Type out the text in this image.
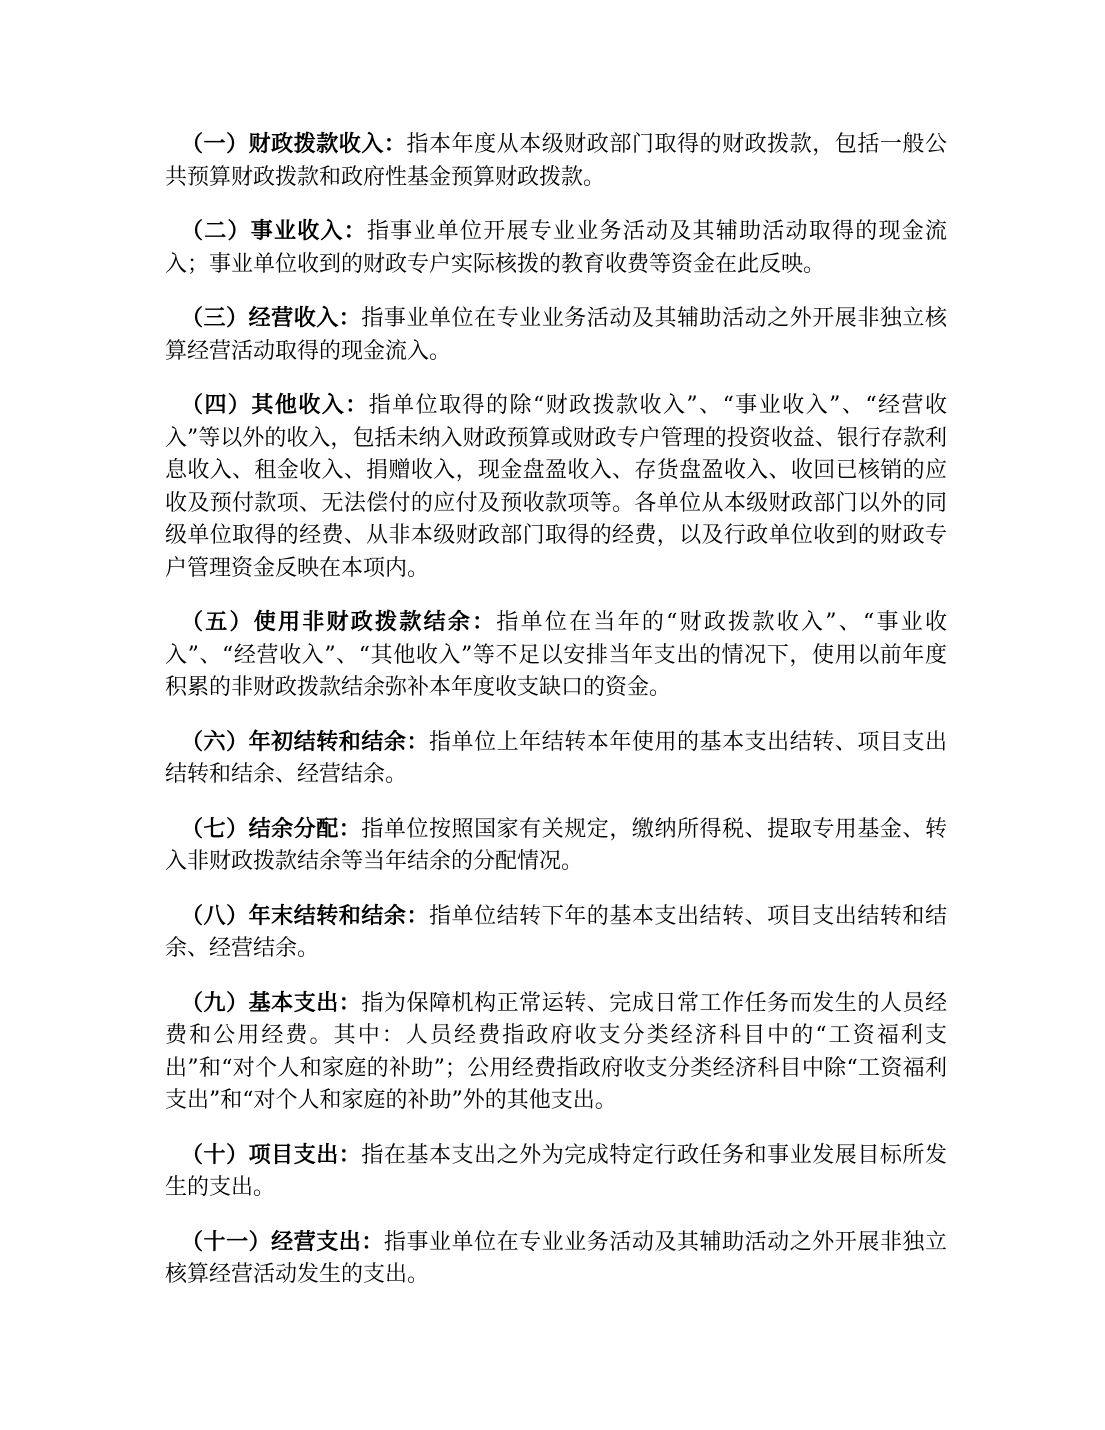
（一）财政拨款收入：指本年度从本级财政部门取得的财政拨款，包括一般公共预算财政拨款和政府性基金预算财政拨款。

（二）事业收入：指事业单位开展专业业务活动及其辅助活动取得的现金流入；事业单位收到的财政专户实际核拨的教育收费等资金在此反映。

（三）经营收入：指事业单位在专业业务活动及其辅助活动之外开展非独立核算经营活动取得的现金流入。

（四）其他收入：指单位取得的除“财政拨款收入”、“事业收入”、“经营收入”等以外的收入，包括未纳入财政预算或财政专户管理的投资收益、银行存款利息收入、租金收入、捐赠收入，现金盘盈收入、存货盘盈收入、收回已核销的应收及预付款项、无法偿付的应付及预收款项等。各单位从本级财政部门以外的同级单位取得的经费、从非本级财政部门取得的经费，以及行政单位收到的财政专户管理资金反映在本项内。

（五）使用非财政拨款结余：指单位在当年的“财政拨款收入”、“事业收入”、“经营收入”、“其他收入”等不足以安排当年支出的情况下，使用以前年度积累的非财政拨款结余弥补本年度收支缺口的资金。

（六）年初结转和结余：指单位上年结转本年使用的基本支出结转、项目支出结转和结余、经营结余。

（七）结余分配：指单位按照国家有关规定，缴纳所得税、提取专用基金、转入非财政拨款结余等当年结余的分配情况。

（八）年末结转和结余：指单位结转下年的基本支出结转、项目支出结转和结余、经营结余。

（九）基本支出：指为保障机构正常运转、完成日常工作任务而发生的人员经费和公用经费。其中：人员经费指政府收支分类经济科目中的“工资福利支出”和“对个人和家庭的补助”；公用经费指政府收支分类经济科目中除“工资福利支出”和“对个人和家庭的补助”外的其他支出。

（十）项目支出：指在基本支出之外为完成特定行政任务和事业发展目标所发生的支出。

（十一）经营支出：指事业单位在专业业务活动及其辅助活动之外开展非独立核算经营活动发生的支出。
